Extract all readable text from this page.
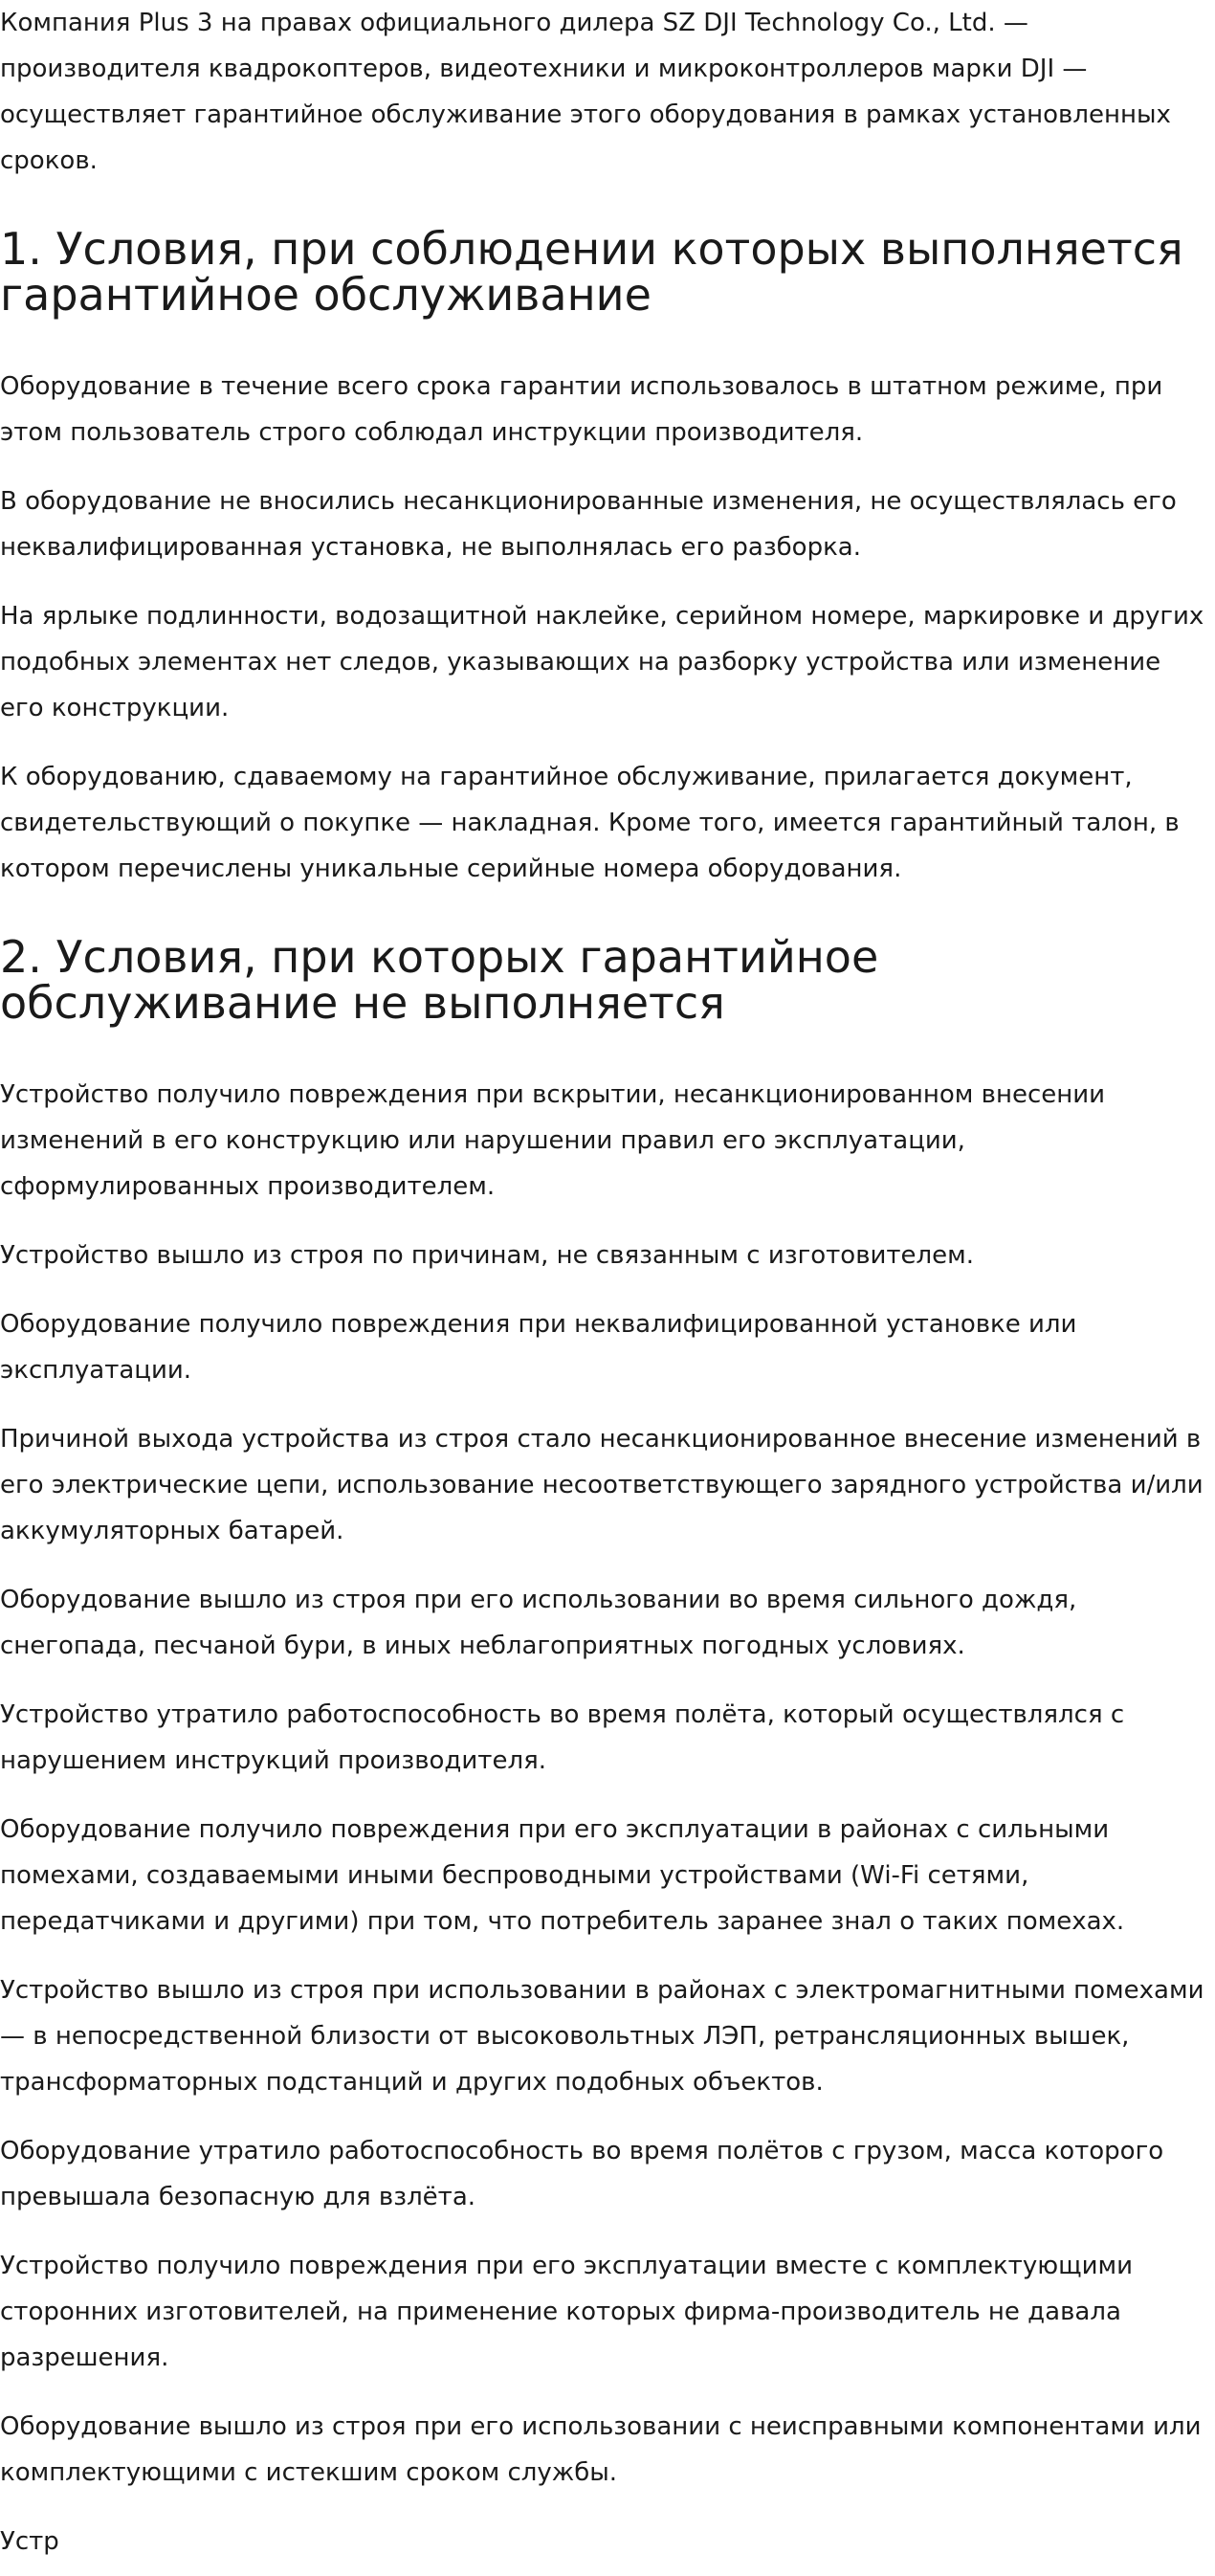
Компания Plus 3 на правах официального дилера SZ DJI Technology Co., Ltd. — производителя квадрокоптеров, видеотехники и микроконтроллеров марки DJI — осуществляет гарантийное обслуживание этого оборудования в рамках установленных сроков.

1. Условия, при соблюдении которых выполняется гарантийное обслуживание

Оборудование в течение всего срока гарантии использовалось в штатном режиме, при этом пользователь строго соблюдал инструкции производителя.

В оборудование не вносились несанкционированные изменения, не осуществлялась его неквалифицированная установка, не выполнялась его разборка.

На ярлыке подлинности, водозащитной наклейке, серийном номере, маркировке и других подобных элементах нет следов, указывающих на разборку устройства или изменение его конструкции.

К оборудованию, сдаваемому на гарантийное обслуживание, прилагается документ, свидетельствующий о покупке — накладная. Кроме того, имеется гарантийный талон, в котором перечислены уникальные серийные номера оборудования.

2. Условия, при которых гарантийное обслуживание не выполняется

Устройство получило повреждения при вскрытии, несанкционированном внесении изменений в его конструкцию или нарушении правил его эксплуатации, сформулированных производителем.

Устройство вышло из строя по причинам, не связанным с изготовителем.

Оборудование получило повреждения при неквалифицированной установке или эксплуатации.

Причиной выхода устройства из строя стало несанкционированное внесение изменений в его электрические цепи, использование несоответствующего зарядного устройства и/или аккумуляторных батарей.

Оборудование вышло из строя при его использовании во время сильного дождя, снегопада, песчаной бури, в иных неблагоприятных погодных условиях.

Устройство утратило работоспособность во время полёта, который осуществлялся с нарушением инструкций производителя.

Оборудование получило повреждения при его эксплуатации в районах с сильными помехами, создаваемыми иными беспроводными устройствами (Wi-Fi сетями, передатчиками и другими) при том, что потребитель заранее знал о таких помехах.

Устройство вышло из строя при использовании в районах с электромагнитными помехами — в непосредственной близости от высоковольтных ЛЭП, ретрансляционных вышек, трансформаторных подстанций и других подобных объектов.

Оборудование утратило работоспособность во время полётов с грузом, масса которого превышала безопасную для взлёта.

Устройство получило повреждения при его эксплуатации вместе с комплектующими сторонних изготовителей, на применение которых фирма-производитель не давала разрешения.

Оборудование вышло из строя при его использовании с неисправными компонентами или комплектующими с истекшим сроком службы.

Устр
